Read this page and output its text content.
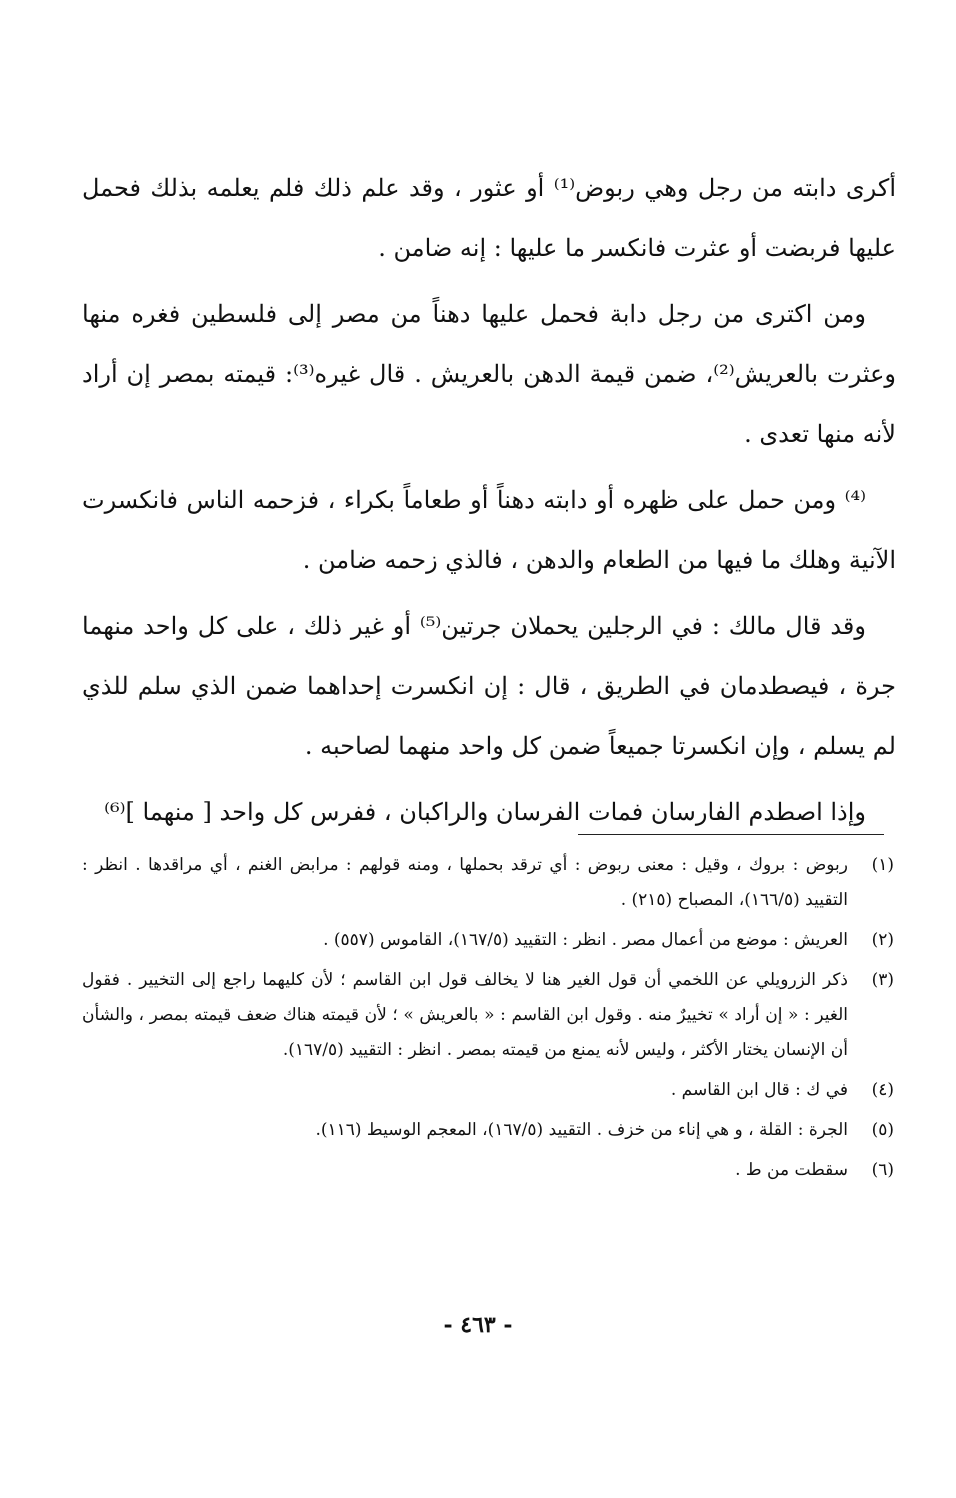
أكرى دابته من رجل وهي ربوض⁽¹⁾ أو عثور ، وقد علم ذلك فلم يعلمه بذلك فحمل عليها فربضت أو عثرت فانكسر ما عليها : إنه ضامن .

ومن اكترى من رجل دابة فحمل عليها دهناً من مصر إلى فلسطين فغره منها وعثرت بالعريش⁽²⁾، ضمن قيمة الدهن بالعريش . قال غيره⁽³⁾: قيمته بمصر إن أراد لأنه منها تعدى .

⁽⁴⁾ ومن حمل على ظهره أو دابته دهناً أو طعاماً بكراء ، فزحمه الناس فانكسرت الآنية وهلك ما فيها من الطعام والدهن ، فالذي زحمه ضامن .

وقد قال مالك : في الرجلين يحملان جرتين⁽⁵⁾ أو غير ذلك ، على كل واحد منهما جرة ، فيصطدمان في الطريق ، قال : إن انكسرت إحداهما ضمن الذي سلم للذي لم يسلم ، وإن انكسرتا جميعاً ضمن كل واحد منهما لصاحبه .

وإذا اصطدم الفارسان فمات الفرسان والراكبان ، ففرس كل واحد [ منهما ]⁽⁶⁾

(١)
ربوض : بروك ، وقيل : معنى ربوض : أي ترقد بحملها ، ومنه قولهم : مرابض الغنم ، أي مراقدها . انظر : التقييد (١٦٦/٥)، المصباح (٢١٥) .
(٢)
العريش : موضع من أعمال مصر . انظر : التقييد (١٦٧/٥)، القاموس (٥٥٧) .
(٣)
ذكر الزرويلي عن اللخمي أن قول الغير هنا لا يخالف قول ابن القاسم ؛ لأن كليهما راجع إلى التخيير . فقول الغير : « إن أراد » تخييرٌ منه . وقول ابن القاسم : « بالعريش » ؛ لأن قيمته هناك ضعف قيمته بمصر ، والشأن أن الإنسان يختار الأكثر ، وليس لأنه يمنع من قيمته بمصر . انظر : التقييد (١٦٧/٥).
(٤)
في ك : قال ابن القاسم .
(٥)
الجرة : القلة ، و هي إناء من خزف . التقييد (١٦٧/٥)، المعجم الوسيط (١١٦).
(٦)
سقطت من ط .
- ٤٦٣ -
